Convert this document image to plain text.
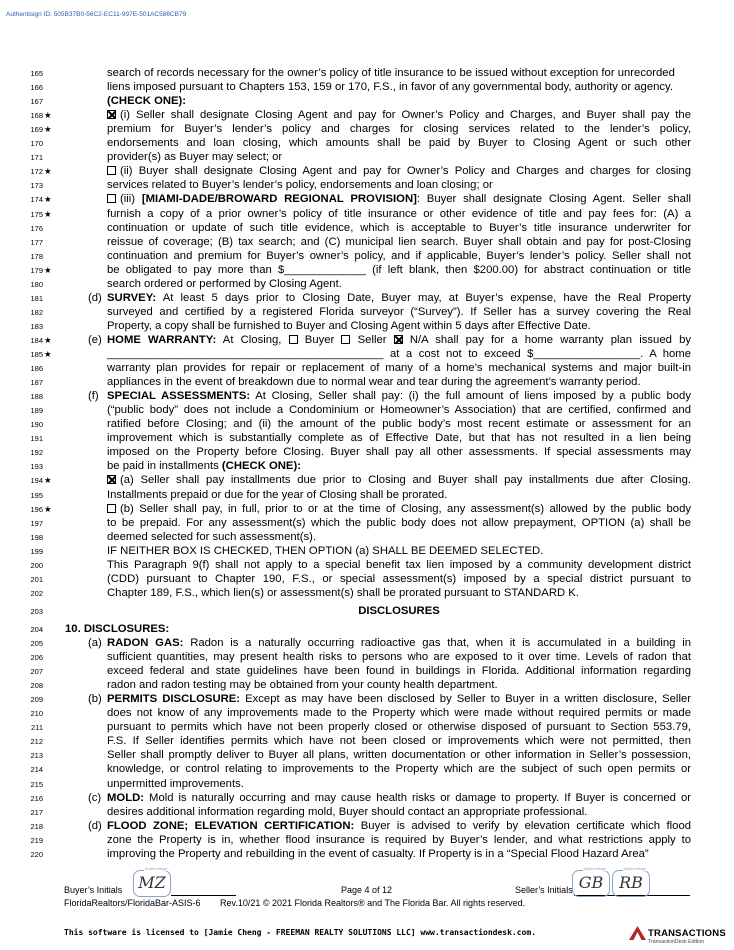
Authentisign ID: 505B37B0-56C2-EC11-997E-501AC586CB79
165	search of records necessary for the owner’s policy of title insurance to be issued without exception for unrecorded
166	liens imposed pursuant to Chapters 153, 159 or 170, F.S., in favor of any governmental body, authority or agency.
167	(CHECK ONE):
168 ★	(i) Seller shall designate Closing Agent and pay for Owner’s Policy and Charges, and Buyer shall pay the
169 ★	premium for Buyer’s lender’s policy and charges for closing services related to the lender’s policy,
170	endorsements and loan closing, which amounts shall be paid by Buyer to Closing Agent or such other
171	provider(s) as Buyer may select; or
172 ★	(ii) Buyer shall designate Closing Agent and pay for Owner’s Policy and Charges and charges for closing
173	services related to Buyer’s lender’s policy, endorsements and loan closing; or
174 ★	(iii) [MIAMI-DADE/BROWARD REGIONAL PROVISION]: Buyer shall designate Closing Agent. Seller shall
175 ★	furnish a copy of a prior owner’s policy of title insurance or other evidence of title and pay fees for: (A) a
176	continuation or update of such title evidence, which is acceptable to Buyer’s title insurance underwriter for
177	reissue of coverage; (B) tax search; and (C) municipal lien search. Buyer shall obtain and pay for post-Closing
178	continuation and premium for Buyer’s owner’s policy, and if applicable, Buyer’s lender’s policy. Seller shall not
179 ★	be obligated to pay more than $_____________ (if left blank, then $200.00) for abstract continuation or title
180	search ordered or performed by Closing Agent.
181	(d) SURVEY: At least 5 days prior to Closing Date, Buyer may, at Buyer’s expense, have the Real Property
182	surveyed and certified by a registered Florida surveyor (“Survey”). If Seller has a survey covering the Real
183	Property, a copy shall be furnished to Buyer and Closing Agent within 5 days after Effective Date.
184 ★	(e) HOME WARRANTY: At Closing,  Buyer  Seller  N/A shall pay for a home warranty plan issued by
185 ★	____________________________________________ at a cost not to exceed $_________________. A home
186	warranty plan provides for repair or replacement of many of a home’s mechanical systems and major built-in
187	appliances in the event of breakdown due to normal wear and tear during the agreement’s warranty period.
188	(f) SPECIAL ASSESSMENTS: At Closing, Seller shall pay: (i) the full amount of liens imposed by a public body
189	(“public body” does not include a Condominium or Homeowner’s Association) that are certified, confirmed and
190	ratified before Closing; and (ii) the amount of the public body’s most recent estimate or assessment for an
191	improvement which is substantially complete as of Effective Date, but that has not resulted in a lien being
192	imposed on the Property before Closing. Buyer shall pay all other assessments. If special assessments may
193	be paid in installments (CHECK ONE):
194 ★	(a) Seller shall pay installments due prior to Closing and Buyer shall pay installments due after Closing.
195	Installments prepaid or due for the year of Closing shall be prorated.
196 ★	(b) Seller shall pay, in full, prior to or at the time of Closing, any assessment(s) allowed by the public body
197	to be prepaid. For any assessment(s) which the public body does not allow prepayment, OPTION (a) shall be
198	deemed selected for such assessment(s).
199	IF NEITHER BOX IS CHECKED, THEN OPTION (a) SHALL BE DEEMED SELECTED.
200	This Paragraph 9(f) shall not apply to a special benefit tax lien imposed by a community development district
201	(CDD) pursuant to Chapter 190, F.S., or special assessment(s) imposed by a special district pursuant to
202	Chapter 189, F.S., which lien(s) or assessment(s) shall be prorated pursuant to STANDARD K.
203	DISCLOSURES
204 10. DISCLOSURES:
205	(a) RADON GAS: Radon is a naturally occurring radioactive gas that, when it is accumulated in a building in
206	sufficient quantities, may present health risks to persons who are exposed to it over time. Levels of radon that
207	exceed federal and state guidelines have been found in buildings in Florida. Additional information regarding
208	radon and radon testing may be obtained from your county health department.
209	(b) PERMITS DISCLOSURE: Except as may have been disclosed by Seller to Buyer in a written disclosure, Seller
210	does not know of any improvements made to the Property which were made without required permits or made
211	pursuant to permits which have not been properly closed or otherwise disposed of pursuant to Section 553.79,
212	F.S. If Seller identifies permits which have not been closed or improvements which were not permitted, then
213	Seller shall promptly deliver to Buyer all plans, written documentation or other information in Seller’s possession,
214	knowledge, or control relating to improvements to the Property which are the subject of such open permits or
215	unpermitted improvements.
216	(c) MOLD: Mold is naturally occurring and may cause health risks or damage to property. If Buyer is concerned or
217	desires additional information regarding mold, Buyer should contact an appropriate professional.
218	(d) FLOOD ZONE; ELEVATION CERTIFICATION: Buyer is advised to verify by elevation certificate which flood
219	zone the Property is in, whether flood insurance is required by Buyer’s lender, and what restrictions apply to
220	improving the Property and rebuilding in the event of casualty. If Property is in a “Special Flood Hazard Area”
Buyer’s Initials
Authentisign
MZ	Page 4 of 12	Seller’s Initials
Authentisign
GB
Authentisign
RB
FloridaRealtors/FloridaBar-ASIS-6 Rev.10/21 © 2021 Florida Realtors® and The Florida Bar. All rights reserved.
This software is licensed to [Jamie Cheng - FREEMAN REALTY SOLUTIONS LLC] www.transactiondesk.com.	TRANSACTIONS
TransactionDesk Edition
